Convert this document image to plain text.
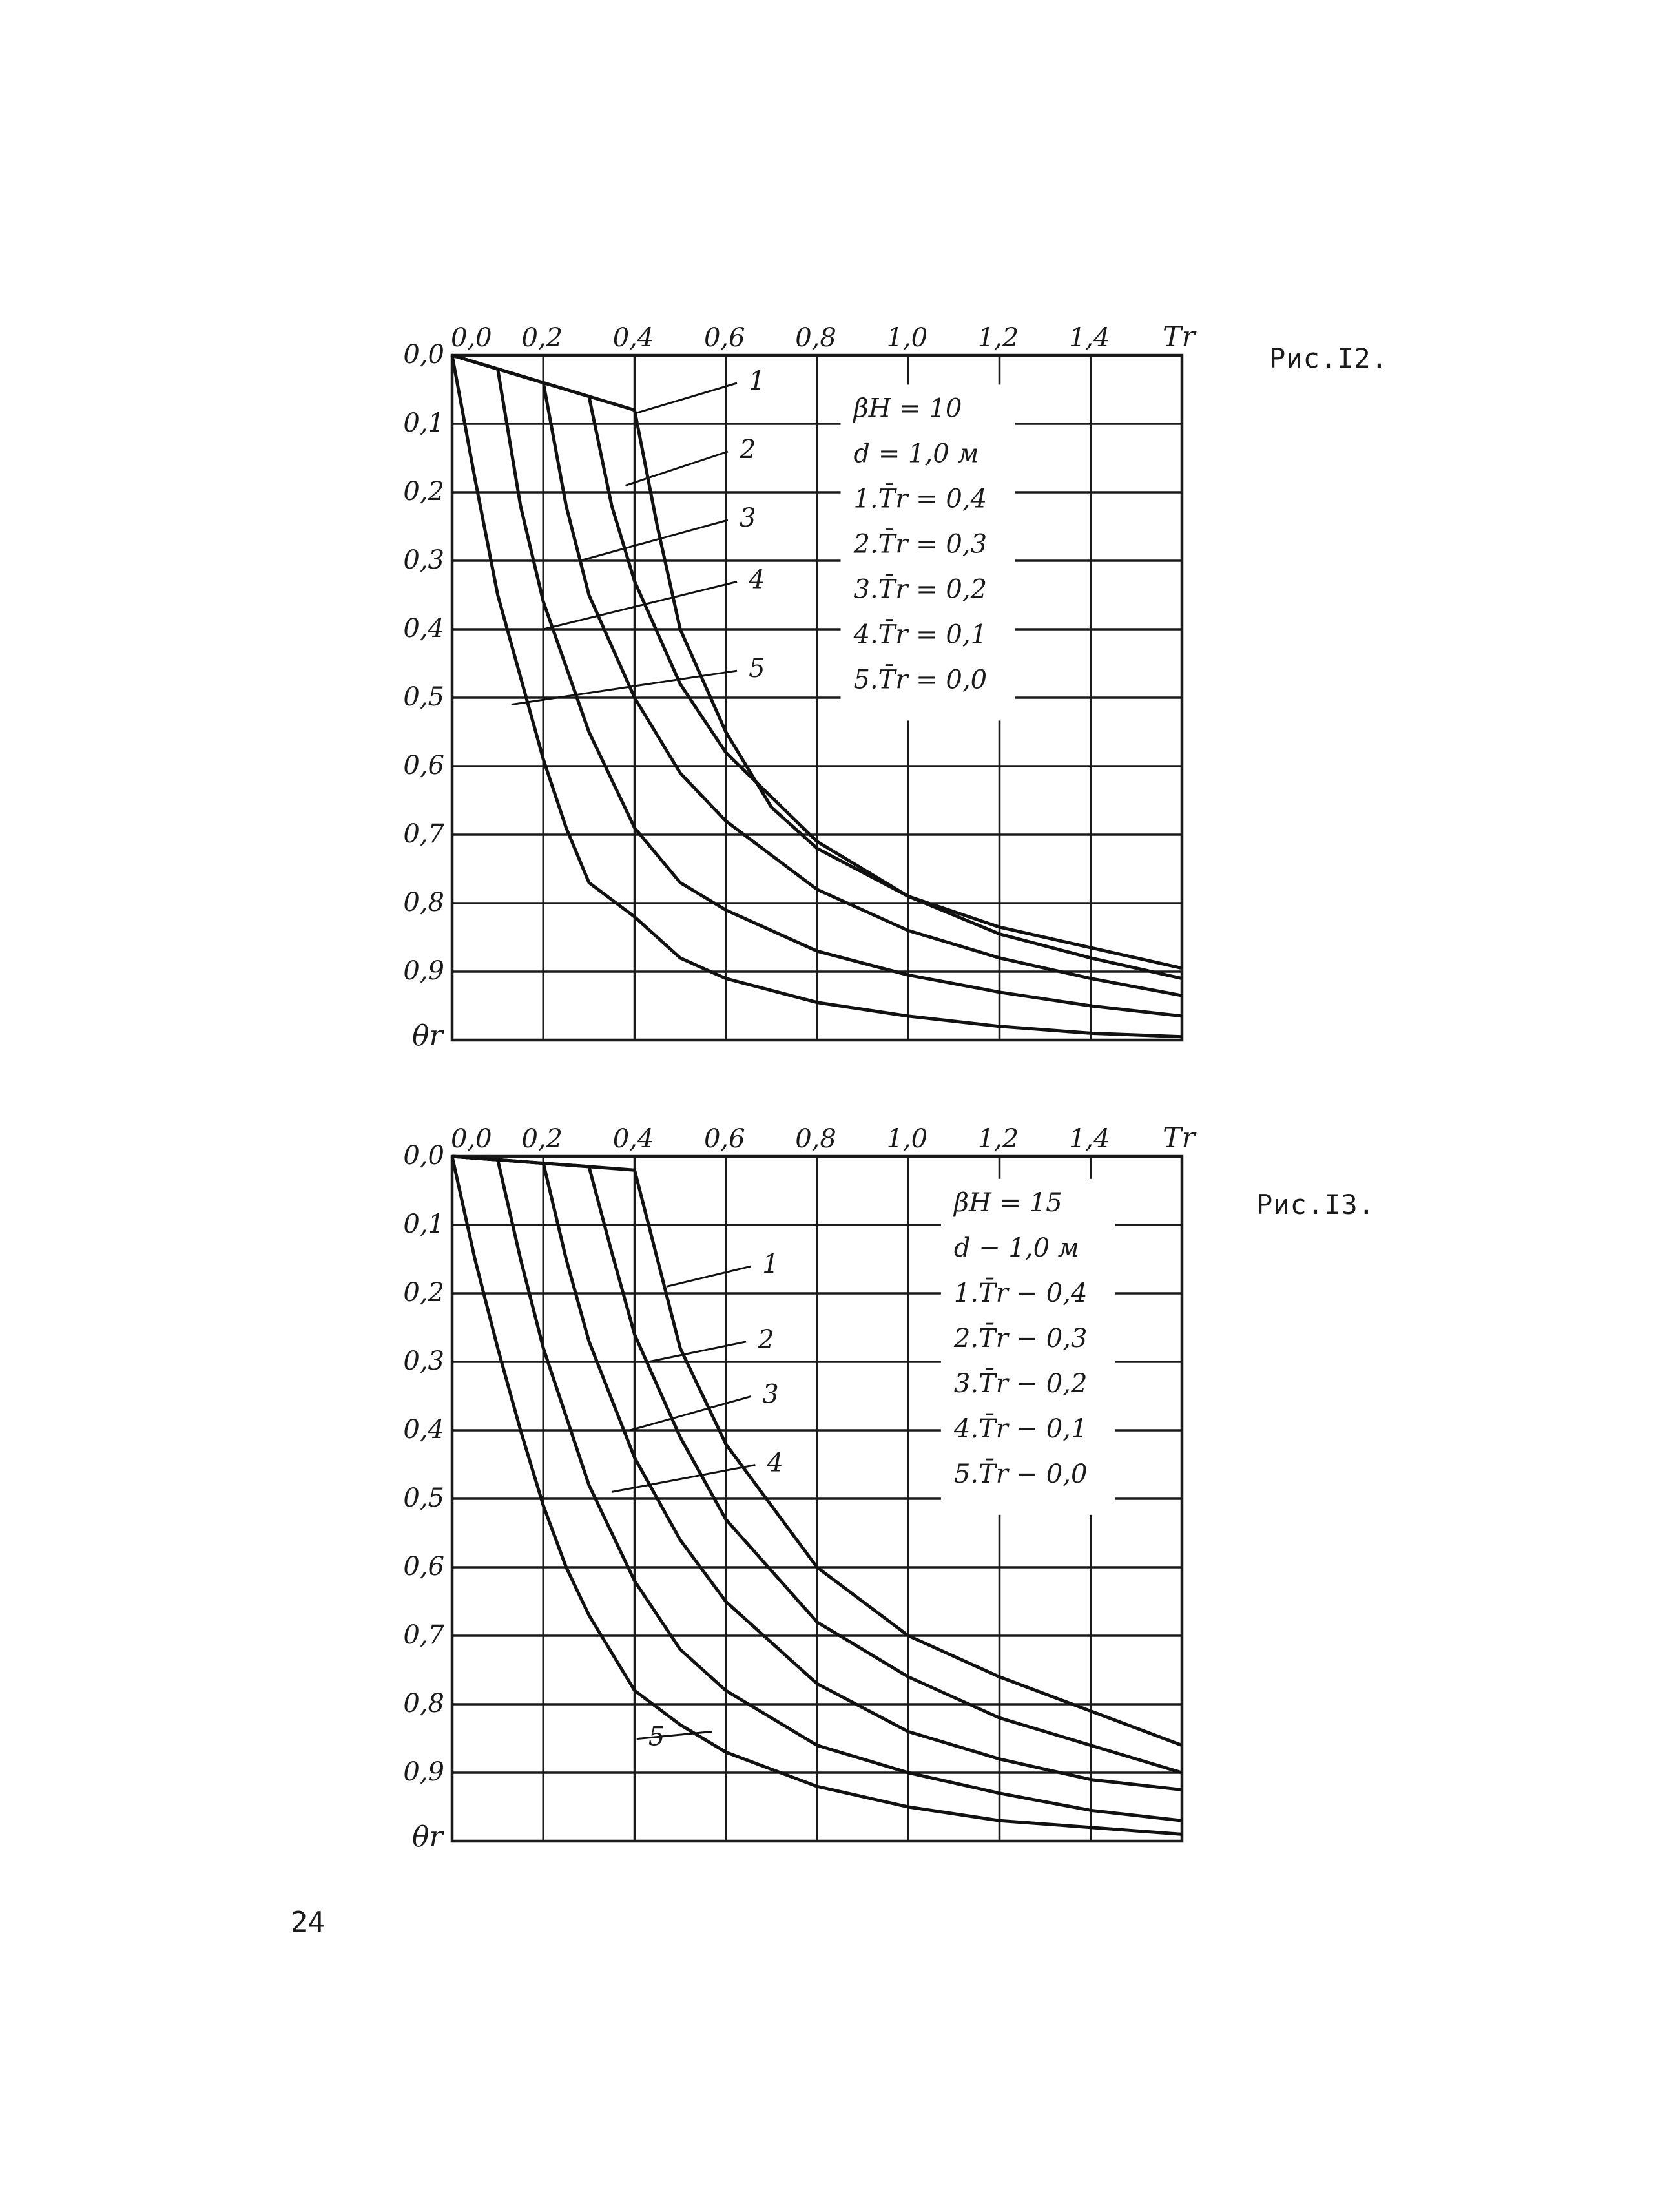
0,0 0,2 0,4 0,6 0,8 1,0 1,2 1,4 Tr
0,0
0,1
0,2
0,3
0,4
0,5
0,6
0,7
0,8
0,9
θr
1
2
3
4
5
βH = 10
d = 1,0 м
1.T̄r = 0,4
2.T̄r = 0,3
3.T̄r = 0,2
4.T̄r = 0,1
5.T̄r = 0,0
Рис.I2.
0,0 0,2 0,4 0,6 0,8 1,0 1,2 1,4 Tr
0,0
0,1
0,2
0,3
0,4
0,5
0,6
0,7
0,8
0,9
θr
1
2
3
4
5
βH = 15
d − 1,0 м
1.T̄r − 0,4
2.T̄r − 0,3
3.T̄r − 0,2
4.T̄r − 0,1
5.T̄r − 0,0
Рис.I3.
24
